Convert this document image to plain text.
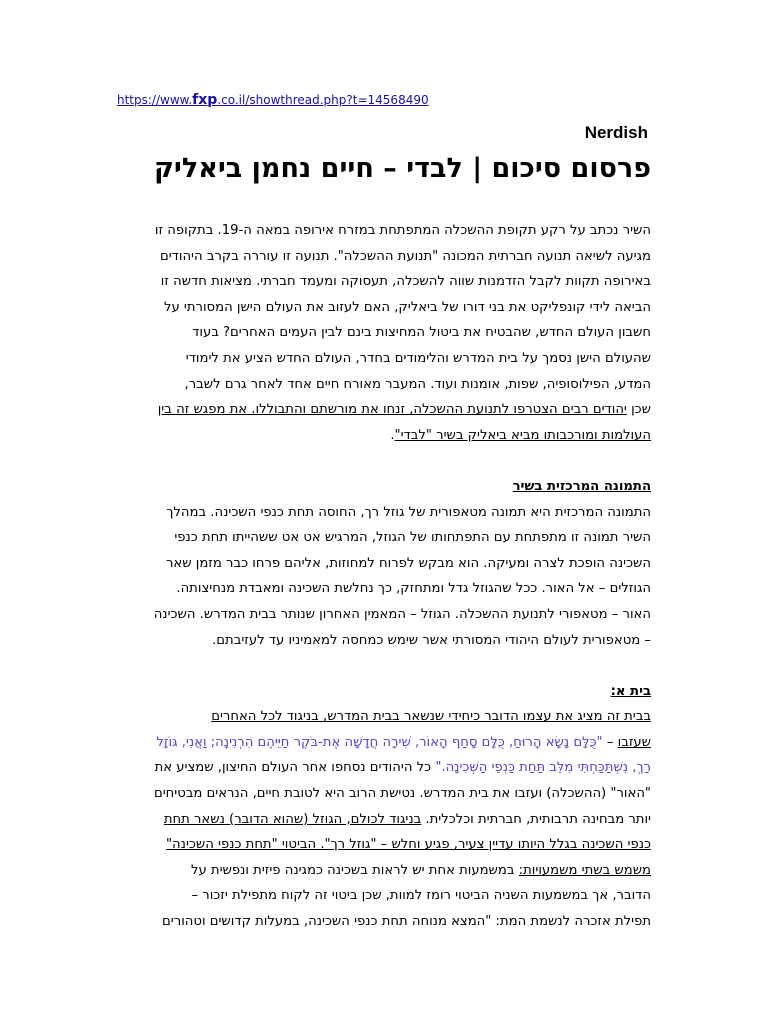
https://www.fxp.co.il/showthread.php?t=14568490
Nerdish
פרסום סיכום | לבדי – חיים נחמן ביאליק
השיר נכתב על רקע תקופת ההשכלה המתפתחת במזרח אירופה במאה ה-19. בתקופה זו
מגיעה לשיאה תנועה חברתית המכונה "תנועת ההשכלה". תנועה זו עוררה בקרב היהודים
באירופה תקוות לקבל הזדמנות שווה להשכלה, תעסוקה ומעמד חברתי. מציאות חדשה זו
הביאה לידי קונפליקט את בני דורו של ביאליק, האם לעזוב את העולם הישן המסורתי על
חשבון העולם החדש, שהבטיח את ביטול המחיצות בינם לבין העמים האחרים? בעוד
שהעולם הישן נסמך על בית המדרש והלימודים בחדר, העולם החדש הציע את לימודי
המדע, הפילוסופיה, שפות, אומנות ועוד. המעבר מאורח חיים אחד לאחר גרם לשבר,
שכן יהודים רבים הצטרפו לתנועת ההשכלה, זנחו את מורשתם והתבוללו. את מפגש זה בין
העולמות ומורכבותו מביא ביאליק בשיר "לבדי".
התמונה המרכזית בשיר
התמונה המרכזית היא תמונה מטאפורית של גוזל רך, החוסה תחת כנפי השכינה. במהלך
השיר תמונה זו מתפתחת עם התפתחותו של הגוזל, המרגיש אט אט ששהייתו תחת כנפי
השכינה הופכת לצרה ומעיקה. הוא מבקש לפרוח למחוזות, אליהם פרחו כבר מזמן שאר
הגוזלים – אל האור. ככל שהגוזל גדל ומתחזק, כך נחלשת השכינה ומאבדת מנחיצותה.
האור – מטאפורי לתנועת ההשכלה. הגוזל – המאמין האחרון שנותר בבית המדרש. השכינה
– מטאפורית לעולם היהודי המסורתי אשר שימש כמחסה למאמיניו עד לעזיבתם.
בית א:
בבית זה מציג את עצמו הדובר כיחידי שנשאר בבית המדרש, בניגוד לכל האחרים
שעזבו – "כֻּלָּם נָשָׂא הָרוּחַ, כֻּלָּם סָחַף הָאוֹר, שִׁירָה חֲדָשָׁה אֶת-בֹּקֶר חַיֵּיהֶם הִרְנִינָה; וַאֲנִי, גּוֹזָל
רַךְ, נִשְׁתַּכַּחְתִּי מִלֵּב תַּחַת כַּנְפֵי הַשְּׁכִינָה." כל היהודים נסחפו אחר העולם החיצון, שמציע את
"האור" (ההשכלה) ועזבו את בית המדרש. נטישת הרוב היא לטובת חיים, הנראים מבטיחים
יותר מבחינה תרבותית, חברתית וכלכלית. בניגוד לכולם, הגוזל (שהוא הדובר) נשאר תחת
כנפי השכינה בגלל היותו עדיין צעיר, פגיע וחלש – "גוזל רך". הביטוי "תחת כנפי השכינה"
משמש בשתי משמעויות: במשמעות אחת יש לראות בשכינה כמגינה פיזית ונפשית על
הדובר, אך במשמעות השניה הביטוי רומז למוות, שכן ביטוי זה לקוח מתפילת יזכור –
תפילת אזכרה לנשמת המת: "המצא מנוחה תחת כנפי השכינה, במעלות קדושים וטהורים
